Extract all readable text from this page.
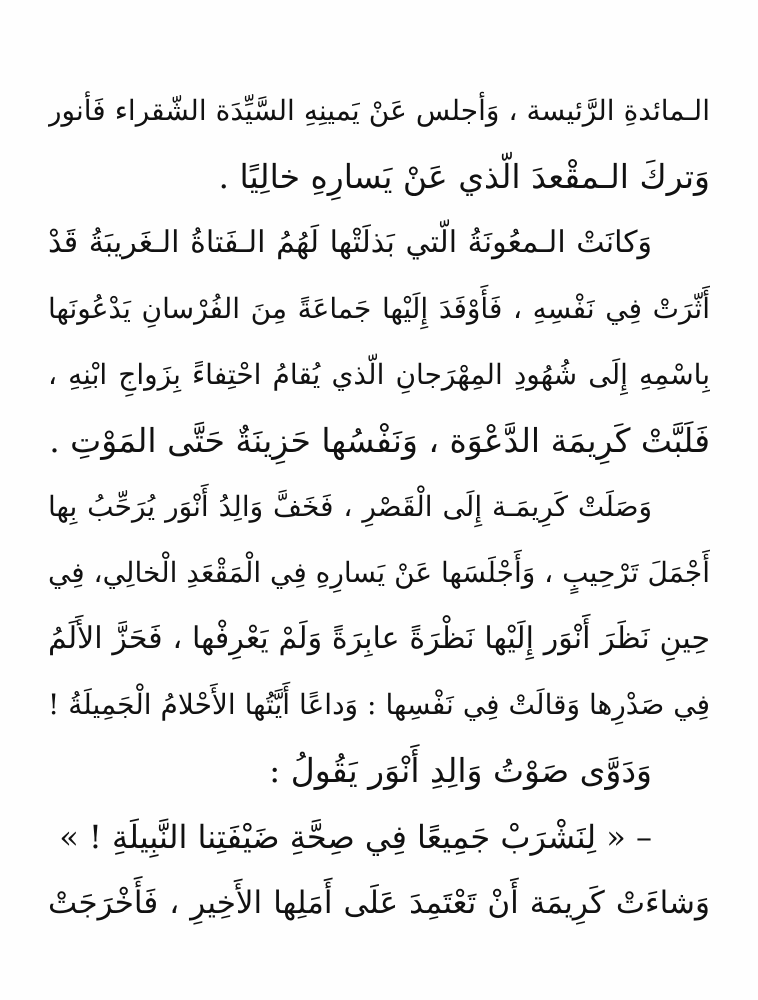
الـمائدةِ الرَّئيسة ، وَأجلس عَنْ يَمينِهِ السَّيِّدَة الشّقراء فَأنور
وَتركَ الـمقْعدَ الّذي عَنْ يَسارِهِ خالِيًا .
وَكانَتْ الـمعُونَةُ الّتي بَذلَتْها لَهُمُ الـفَتاةُ الـغَريبَةُ قَدْ
أَثّرَتْ فِي نَفْسِهِ ، فَأَوْفَدَ إِلَيْها جَماعَةً مِنَ الفُرْسانِ يَدْعُونَها
بِاسْمِهِ إِلَى شُهُودِ المِهْرَجانِ الّذي يُقامُ احْتِفاءً بِزَواجِ ابْنِهِ ،
فَلَبَّتْ كَرِيمَة الدَّعْوَة ، وَنَفْسُها حَزِينَةٌ حَتَّى المَوْتِ .
وَصَلَتْ كَرِيمَـة إِلَى الْقَصْرِ ، فَخَفَّ وَالِدُ أَنْوَر يُرَحِّبُ بِها
أَجْمَلَ تَرْحِيبٍ ، وَأَجْلَسَها عَنْ يَسارِهِ فِي الْمَقْعَدِ الْخالِي، فِي
حِينِ نَظَرَ أَنْوَر إِلَيْها نَظْرَةً عابِرَةً وَلَمْ يَعْرِفْها ، فَحَزَّ الأَلَمُ
فِي صَدْرِها وَقالَتْ فِي نَفْسِها : وَداعًا أَيَّتُها الأَحْلامُ الْجَمِيلَةُ !
وَدَوَّى صَوْتُ وَالِدِ أَنْوَر يَقُولُ :
– « لِنَشْرَبْ جَمِيعًا فِي صِحَّةِ ضَيْفَتِنا النَّبِيلَةِ ! »
وَشاءَتْ كَرِيمَة أَنْ تَعْتَمِدَ عَلَى أَمَلِها الأَخِيرِ ، فَأَخْرَجَتْ
